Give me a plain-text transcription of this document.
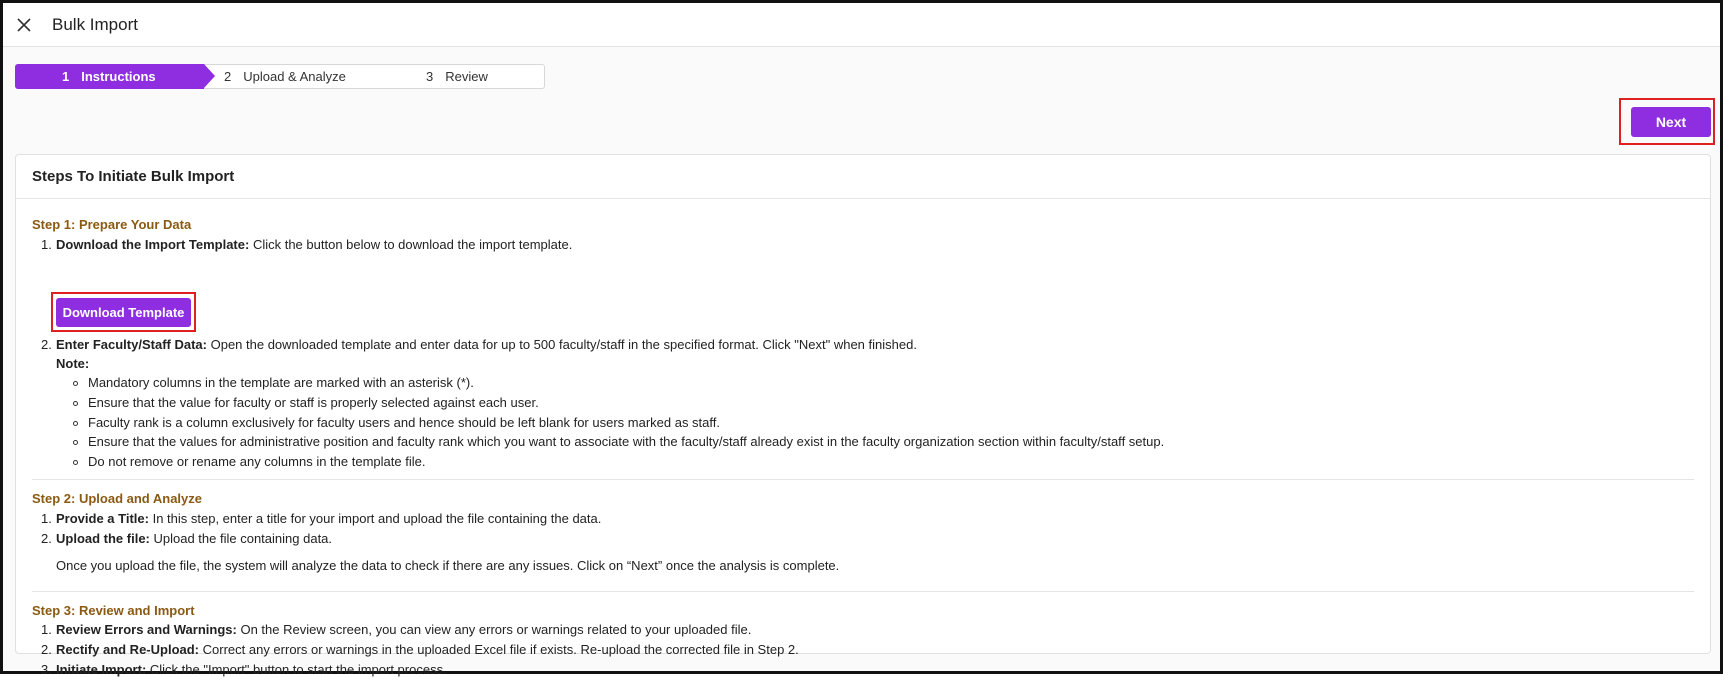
Bulk Import
1 Instructions	2 Upload & Analyze	3 Review
Next
Steps To Initiate Bulk Import
Step 1: Prepare Your Data
1. Download the Import Template: Click the button below to download the import template.
Download Template
2. Enter Faculty/Staff Data: Open the downloaded template and enter data for up to 500 faculty/staff in the specified format. Click "Next" when finished.
Note:
Mandatory columns in the template are marked with an asterisk (*).
Ensure that the value for faculty or staff is properly selected against each user.
Faculty rank is a column exclusively for faculty users and hence should be left blank for users marked as staff.
Ensure that the values for administrative position and faculty rank which you want to associate with the faculty/staff already exist in the faculty organization section within faculty/staff setup.
Do not remove or rename any columns in the template file.
Step 2: Upload and Analyze
1. Provide a Title: In this step, enter a title for your import and upload the file containing the data.
2. Upload the file: Upload the file containing data.
Once you upload the file, the system will analyze the data to check if there are any issues. Click on “Next” once the analysis is complete.
Step 3: Review and Import
1. Review Errors and Warnings: On the Review screen, you can view any errors or warnings related to your uploaded file.
2. Rectify and Re-Upload: Correct any errors or warnings in the uploaded Excel file if exists. Re-upload the corrected file in Step 2.
3. Initiate Import: Click the "Import" button to start the import process.
